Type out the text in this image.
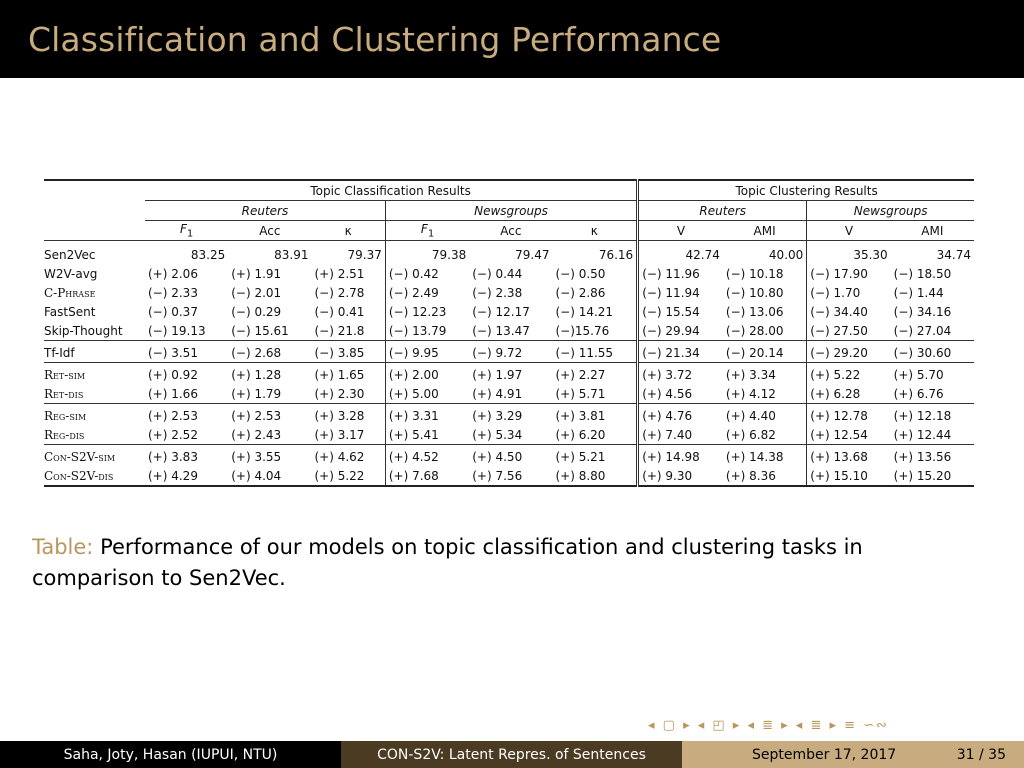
Classification and Clustering Performance
	Topic Classification Results						Topic Clustering Results			
	Reuters			Newsgroups			Reuters		Newsgroups	
	$F_1$	Acc	κ	$F_1$	Acc	κ	V	AMI	V	AMI
Sen2Vec	83.25	83.91	79.37	79.38	79.47	76.16	42.74	40.00	35.30	34.74
W2V-avg	(+) 2.06	(+) 1.91	(+) 2.51	(−) 0.42	(−) 0.44	(−) 0.50	(−) 11.96	(−) 10.18	(−) 17.90	(−) 18.50
C-Phrase	(−) 2.33	(−) 2.01	(−) 2.78	(−) 2.49	(−) 2.38	(−) 2.86	(−) 11.94	(−) 10.80	(−) 1.70	(−) 1.44
FastSent	(−) 0.37	(−) 0.29	(−) 0.41	(−) 12.23	(−) 12.17	(−) 14.21	(−) 15.54	(−) 13.06	(−) 34.40	(−) 34.16
Skip-Thought	(−) 19.13	(−) 15.61	(−) 21.8	(−) 13.79	(−) 13.47	(−)15.76	(−) 29.94	(−) 28.00	(−) 27.50	(−) 27.04
Tf-Idf	(−) 3.51	(−) 2.68	(−) 3.85	(−) 9.95	(−) 9.72	(−) 11.55	(−) 21.34	(−) 20.14	(−) 29.20	(−) 30.60
Ret-sim	(+) 0.92	(+) 1.28	(+) 1.65	(+) 2.00	(+) 1.97	(+) 2.27	(+) 3.72	(+) 3.34	(+) 5.22	(+) 5.70
Ret-dis	(+) 1.66	(+) 1.79	(+) 2.30	(+) 5.00	(+) 4.91	(+) 5.71	(+) 4.56	(+) 4.12	(+) 6.28	(+) 6.76
Reg-sim	(+) 2.53	(+) 2.53	(+) 3.28	(+) 3.31	(+) 3.29	(+) 3.81	(+) 4.76	(+) 4.40	(+) 12.78	(+) 12.18
Reg-dis	(+) 2.52	(+) 2.43	(+) 3.17	(+) 5.41	(+) 5.34	(+) 6.20	(+) 7.40	(+) 6.82	(+) 12.54	(+) 12.44
Con-S2V-sim	(+) 3.83	(+) 3.55	(+) 4.62	(+) 4.52	(+) 4.50	(+) 5.21	(+) 14.98	(+) 14.38	(+) 13.68	(+) 13.56
Con-S2V-dis	(+) 4.29	(+) 4.04	(+) 5.22	(+) 7.68	(+) 7.56	(+) 8.80	(+) 9.30	(+) 8.36	(+) 15.10	(+) 15.20
Table: Performance of our models on topic classification and clustering tasks in comparison to Sen2Vec.
◂ ▢ ▸ ◂ ◰ ▸ ◂ ≣ ▸ ◂ ≣ ▸ ≡ ∽∾
Saha, Joty, Hasan (IUPUI, NTU)	CON-S2V: Latent Repres. of Sentences	September 17, 2017	31 / 35
